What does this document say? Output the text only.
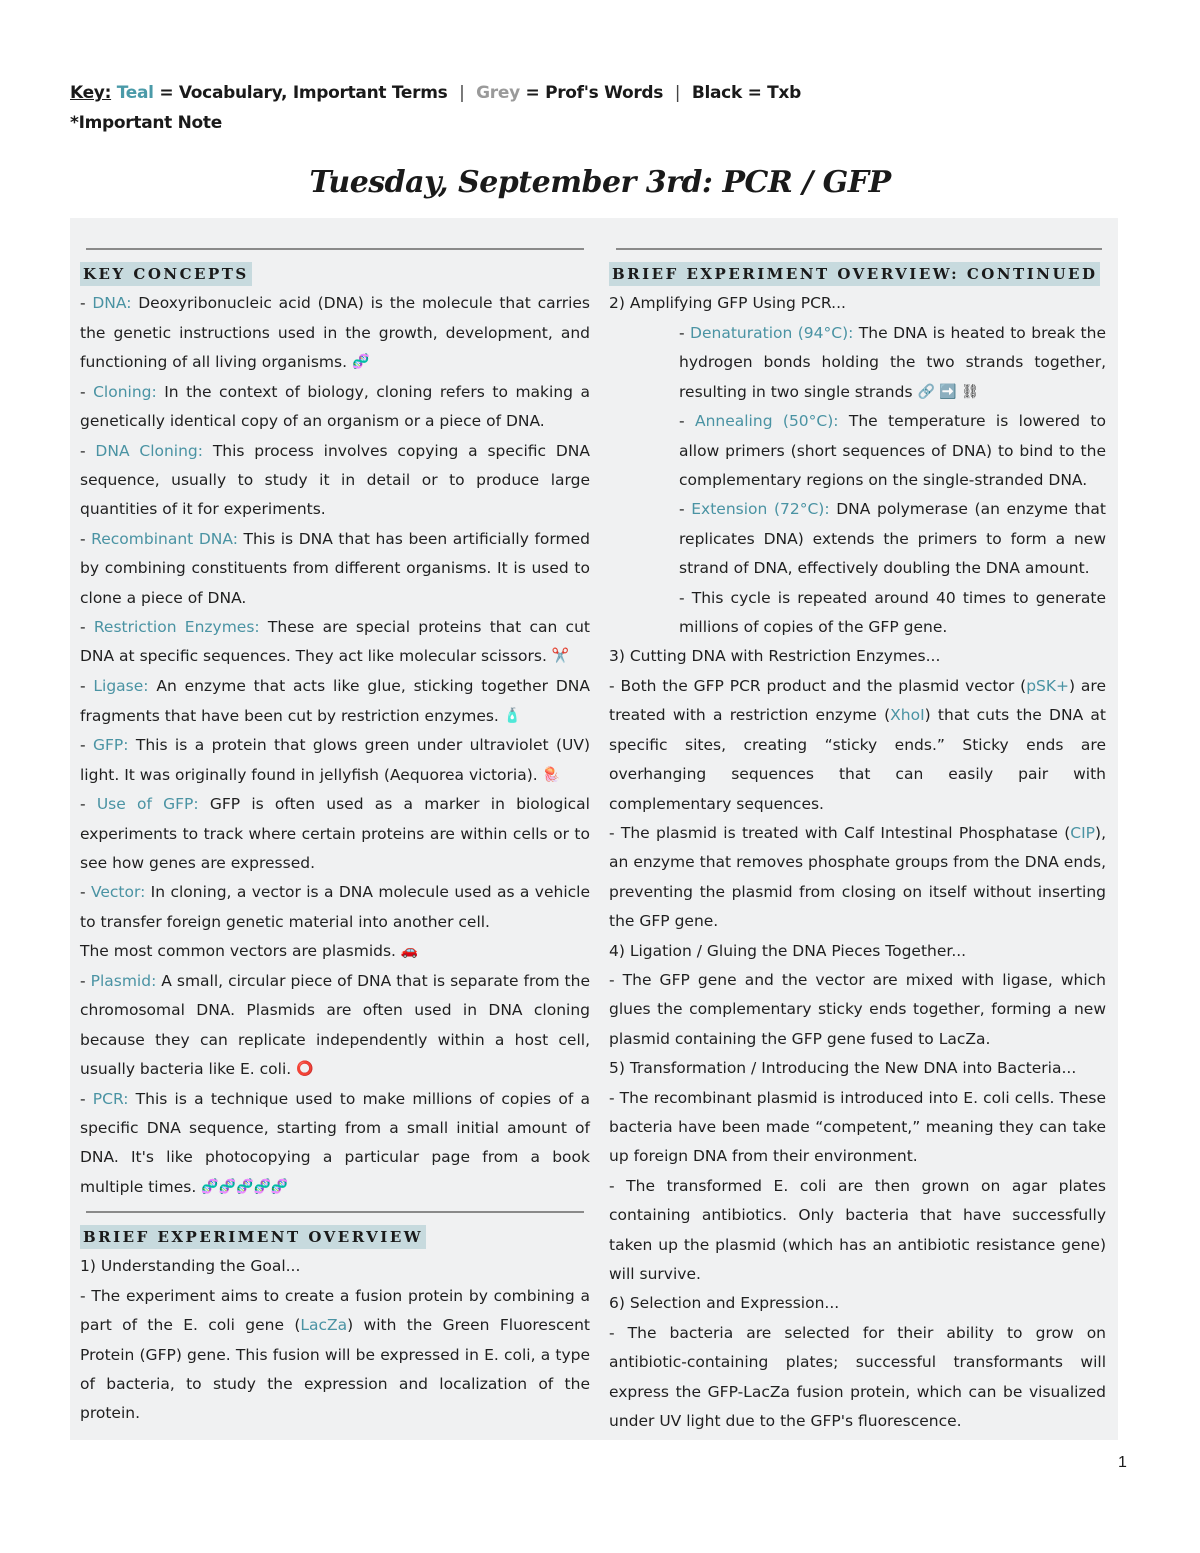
Key: Teal = Vocabulary, Important Terms | Grey = Prof's Words | Black = Txb
*Important Note
Tuesday, September 3rd: PCR / GFP
KEY CONCEPTS

- DNA: Deoxyribonucleic acid (DNA) is the molecule that carries the genetic instructions used in the growth, development, and functioning of all living organisms. 🧬

- Cloning: In the context of biology, cloning refers to making a genetically identical copy of an organism or a piece of DNA.

- DNA Cloning: This process involves copying a specific DNA sequence, usually to study it in detail or to produce large quantities of it for experiments.

- Recombinant DNA: This is DNA that has been artificially formed by combining constituents from different organisms. It is used to clone a piece of DNA.

- Restriction Enzymes: These are special proteins that can cut DNA at specific sequences. They act like molecular scissors. ✂️

- Ligase: An enzyme that acts like glue, sticking together DNA fragments that have been cut by restriction enzymes. 🧴

- GFP: This is a protein that glows green under ultraviolet (UV) light. It was originally found in jellyfish (Aequorea victoria). 🪼

- Use of GFP: GFP is often used as a marker in biological experiments to track where certain proteins are within cells or to see how genes are expressed.

- Vector: In cloning, a vector is a DNA molecule used as a vehicle to transfer foreign genetic material into another cell.

The most common vectors are plasmids. 🚗

- Plasmid: A small, circular piece of DNA that is separate from the chromosomal DNA. Plasmids are often used in DNA cloning because they can replicate independently within a host cell, usually bacteria like E. coli. ⭕

- PCR: This is a technique used to make millions of copies of a specific DNA sequence, starting from a small initial amount of DNA. It's like photocopying a particular page from a book multiple times. 🧬🧬🧬🧬🧬

BRIEF EXPERIMENT OVERVIEW

1) Understanding the Goal...

- The experiment aims to create a fusion protein by combining a part of the E. coli gene (LacZa) with the Green Fluorescent Protein (GFP) gene. This fusion will be expressed in E. coli, a type of bacteria, to study the expression and localization of the protein.

BRIEF EXPERIMENT OVERVIEW: CONTINUED

2) Amplifying GFP Using PCR...

- Denaturation (94°C): The DNA is heated to break the hydrogen bonds holding the two strands together, resulting in two single strands 🔗 ➡️ ⛓

- Annealing (50°C): The temperature is lowered to allow primers (short sequences of DNA) to bind to the complementary regions on the single-stranded DNA.

- Extension (72°C): DNA polymerase (an enzyme that replicates DNA) extends the primers to form a new strand of DNA, effectively doubling the DNA amount.

- This cycle is repeated around 40 times to generate millions of copies of the GFP gene.

3) Cutting DNA with Restriction Enzymes...

- Both the GFP PCR product and the plasmid vector (pSK+) are treated with a restriction enzyme (XhoI) that cuts the DNA at specific sites, creating “sticky ends.” Sticky ends are overhanging sequences that can easily pair with complementary sequences.

- The plasmid is treated with Calf Intestinal Phosphatase (CIP), an enzyme that removes phosphate groups from the DNA ends, preventing the plasmid from closing on itself without inserting the GFP gene.

4) Ligation / Gluing the DNA Pieces Together...

- The GFP gene and the vector are mixed with ligase, which glues the complementary sticky ends together, forming a new plasmid containing the GFP gene fused to LacZa.

5) Transformation / Introducing the New DNA into Bacteria...

- The recombinant plasmid is introduced into E. coli cells. These bacteria have been made “competent,” meaning they can take up foreign DNA from their environment.

- The transformed E. coli are then grown on agar plates containing antibiotics. Only bacteria that have successfully taken up the plasmid (which has an antibiotic resistance gene) will survive.

6) Selection and Expression...

- The bacteria are selected for their ability to grow on antibiotic-containing plates; successful transformants will express the GFP-LacZa fusion protein, which can be visualized under UV light due to the GFP's fluorescence.

1
